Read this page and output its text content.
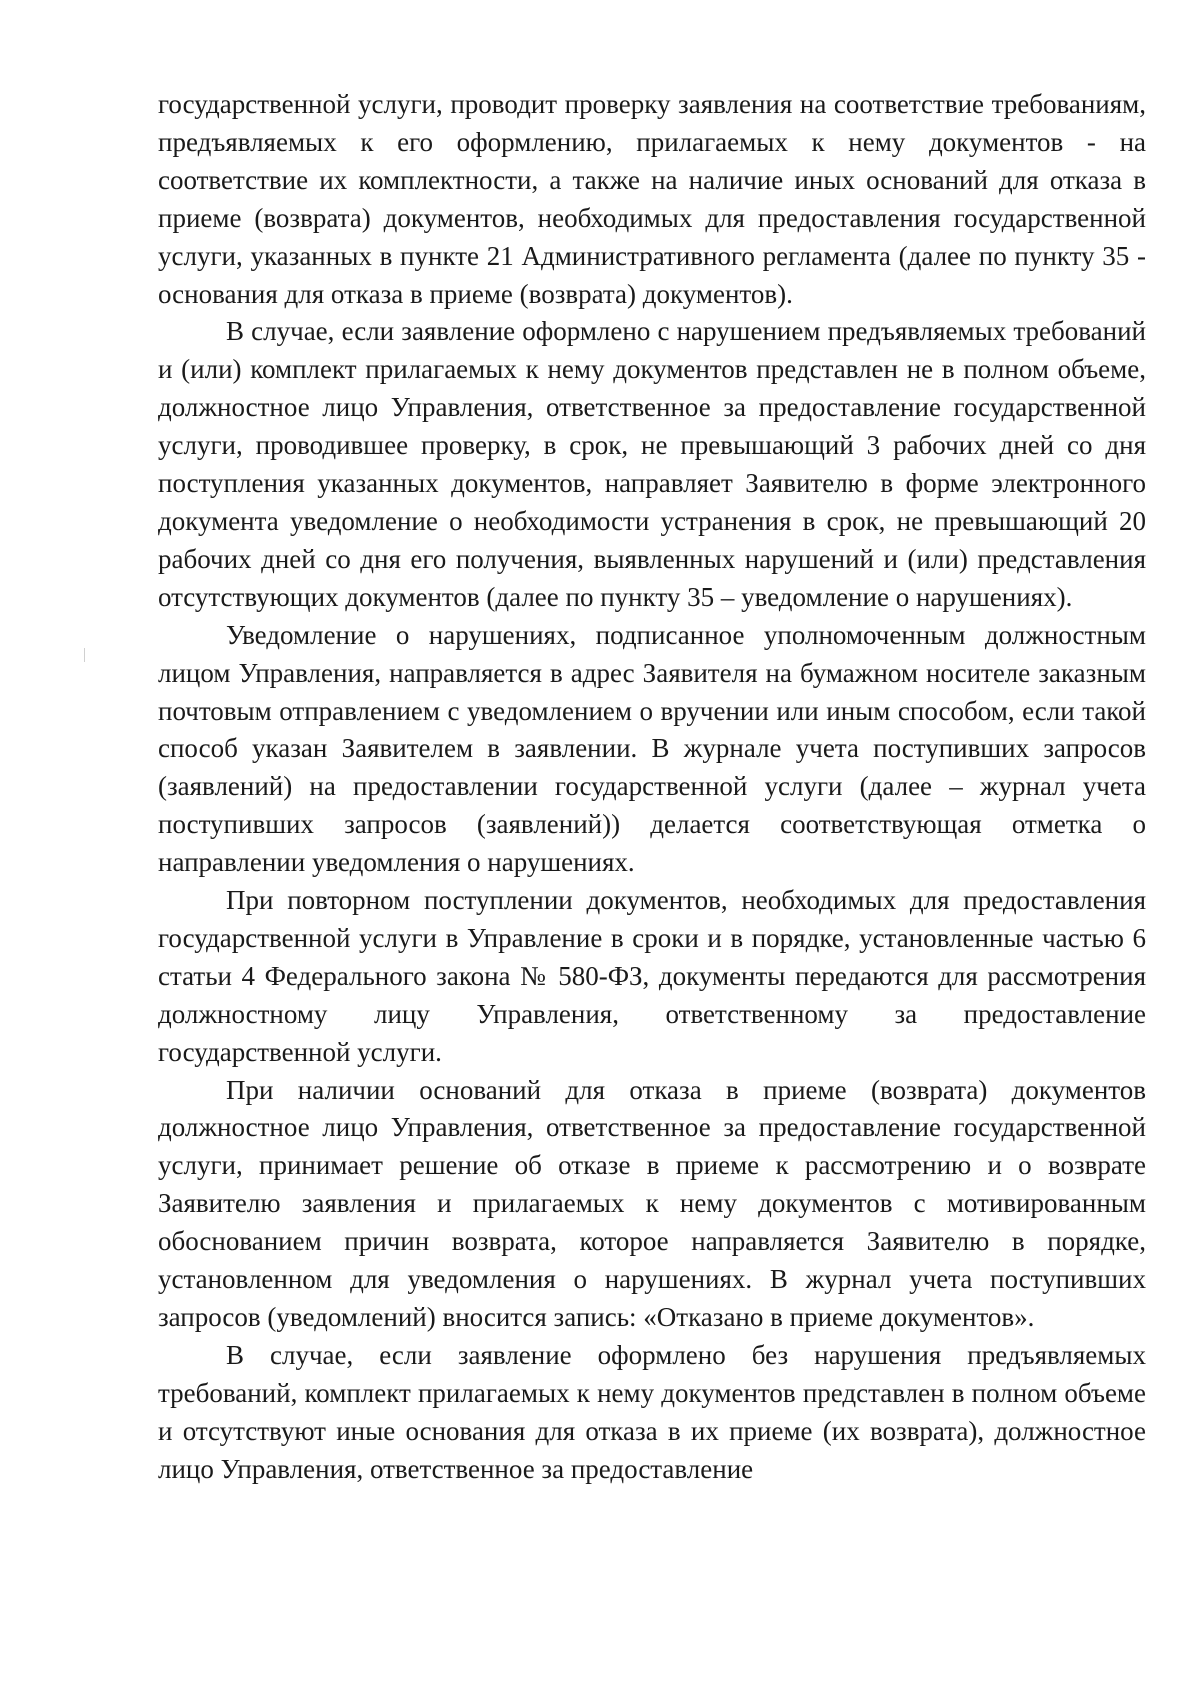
государственной услуги, проводит проверку заявления на соответствие требованиям, предъявляемых к его оформлению, прилагаемых к нему документов - на соответствие их комплектности, а также на наличие иных оснований для отказа в приеме (возврата) документов, необходимых для предоставления государственной услуги, указанных в пункте 21 Административного регламента (далее по пункту 35 - основания для отказа в приеме (возврата) документов).

В случае, если заявление оформлено с нарушением предъявляемых требований и (или) комплект прилагаемых к нему документов представлен не в полном объеме, должностное лицо Управления, ответственное за предоставление государственной услуги, проводившее проверку, в срок, не превышающий 3 рабочих дней со дня поступления указанных документов, направляет Заявителю в форме электронного документа уведомление о необходимости устранения в срок, не превышающий 20 рабочих дней со дня его получения, выявленных нарушений и (или) представления отсутствующих документов (далее по пункту 35 – уведомление о нарушениях).

Уведомление о нарушениях, подписанное уполномоченным должностным лицом Управления, направляется в адрес Заявителя на бумажном носителе заказным почтовым отправлением с уведомлением о вручении или иным способом, если такой способ указан Заявителем в заявлении. В журнале учета поступивших запросов (заявлений) на предоставлении государственной услуги (далее – журнал учета поступивших запросов (заявлений)) делается соответствующая отметка о направлении уведомления о нарушениях.

При повторном поступлении документов, необходимых для предоставления государственной услуги в Управление в сроки и в порядке, установленные частью 6 статьи 4 Федерального закона № 580-ФЗ, документы передаются для рассмотрения должностному лицу Управления, ответственному за предоставление государственной услуги.

При наличии оснований для отказа в приеме (возврата) документов должностное лицо Управления, ответственное за предоставление государственной услуги, принимает решение об отказе в приеме к рассмотрению и о возврате Заявителю заявления и прилагаемых к нему документов с мотивированным обоснованием причин возврата, которое направляется Заявителю в порядке, установленном для уведомления о нарушениях. В журнал учета поступивших запросов (уведомлений) вносится запись: «Отказано в приеме документов».

В случае, если заявление оформлено без нарушения предъявляемых требований, комплект прилагаемых к нему документов представлен в полном объеме и отсутствуют иные основания для отказа в их приеме (их возврата), должностное лицо Управления, ответственное за предоставление
